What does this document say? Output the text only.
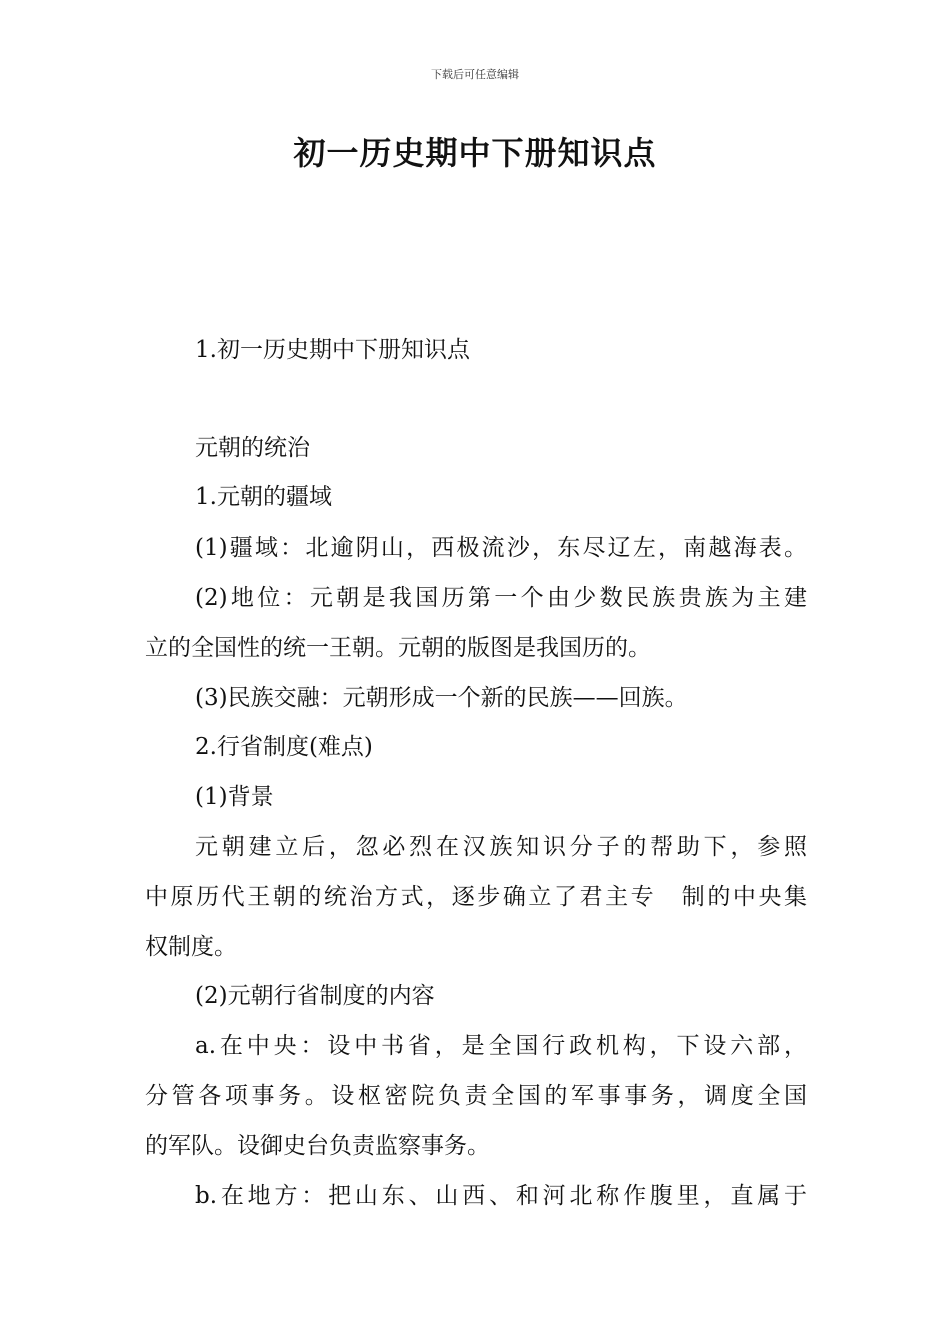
下载后可任意编辑
初一历史期中下册知识点
1.初一历史期中下册知识点
元朝的统治
1.元朝的疆域
(1)疆域：北逾阴山，西极流沙，东尽辽左，南越海表。
(2)地位：元朝是我国历第一个由少数民族贵族为主建
立的全国性的统一王朝。元朝的版图是我国历的。
(3)民族交融：元朝形成一个新的民族——回族。
2.行省制度(难点)
(1)背景
元朝建立后，忽必烈在汉族知识分子的帮助下，参照
中原历代王朝的统治方式，逐步确立了君主专　制的中央集
权制度。
(2)元朝行省制度的内容
a.在中央：设中书省，是全国行政机构，下设六部，
分管各项事务。设枢密院负责全国的军事事务，调度全国
的军队。设御史台负责监察事务。
b.在地方：把山东、山西、和河北称作腹里，直属于
